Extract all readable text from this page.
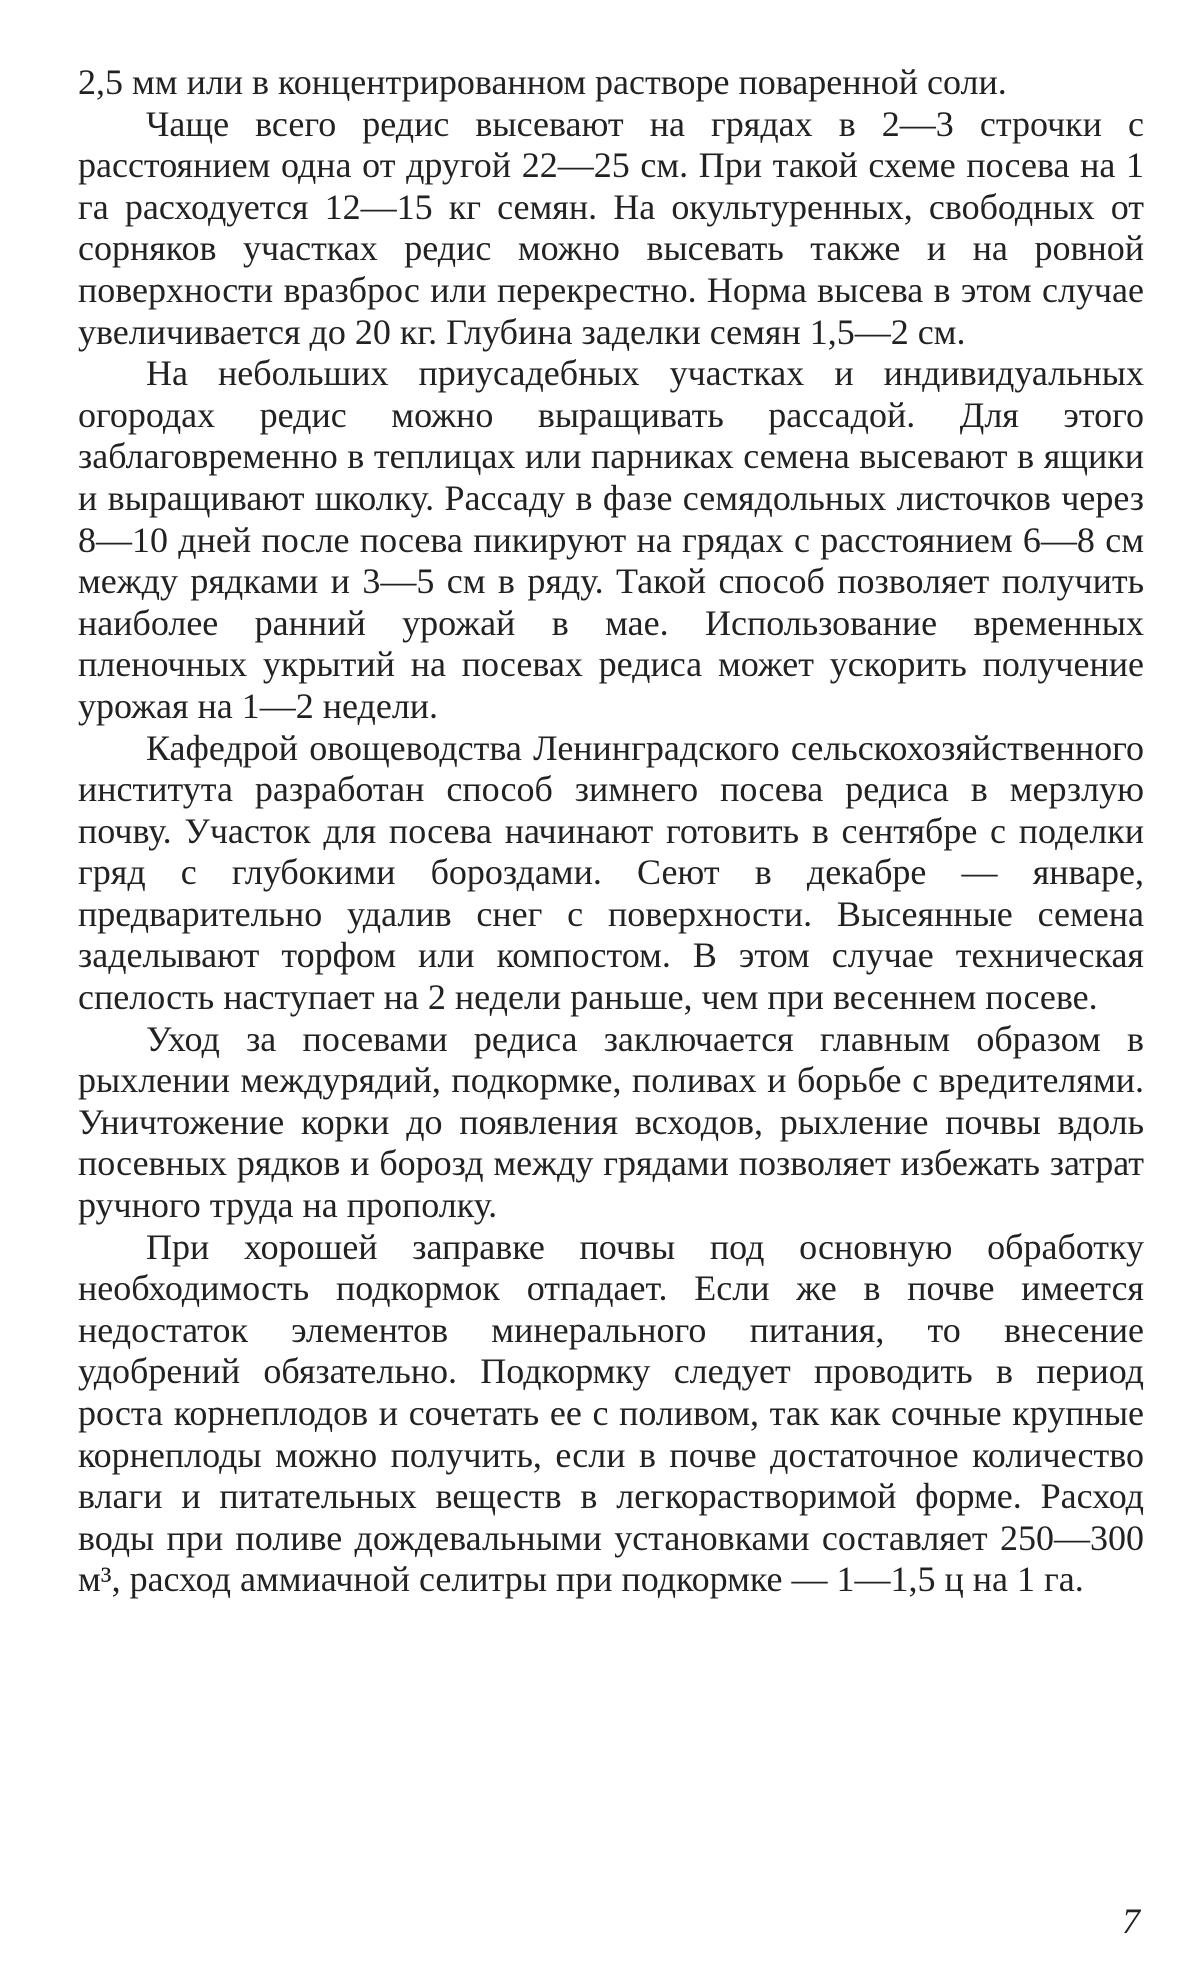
2,5 мм или в концентрированном растворе поваренной соли.

Чаще всего редис высевают на грядах в 2—3 строчки с расстоянием одна от другой 22—25 см. При такой схеме посева на 1 га расходуется 12—15 кг семян. На окультуренных, свободных от сорняков участках редис можно высевать также и на ровной поверхности вразброс или перекрестно. Норма высева в этом случае увеличивается до 20 кг. Глубина заделки семян 1,5—2 см.

На небольших приусадебных участках и индивидуальных огородах редис можно выращивать рассадой. Для этого заблаговременно в теплицах или парниках семена высевают в ящики и выращивают школку. Рассаду в фазе семядольных листочков через 8—10 дней после посева пикируют на грядах с расстоянием 6—8 см между рядками и 3—5 см в ряду. Такой способ позволяет получить наиболее ранний урожай в мае. Использование временных пленочных укрытий на посевах редиса может ускорить получение урожая на 1—2 недели.

Кафедрой овощеводства Ленинградского сельскохозяйственного института разработан способ зимнего посева редиса в мерзлую почву. Участок для посева начинают готовить в сентябре с поделки гряд с глубокими бороздами. Сеют в декабре — январе, предварительно удалив снег с поверхности. Высеянные семена заделывают торфом или компостом. В этом случае техническая спелость наступает на 2 недели раньше, чем при весеннем посеве.

Уход за посевами редиса заключается главным образом в рыхлении междурядий, подкормке, поливах и борьбе с вредителями. Уничтожение корки до появления всходов, рыхление почвы вдоль посевных рядков и борозд между грядами позволяет избежать затрат ручного труда на прополку.

При хорошей заправке почвы под основную обработку необходимость подкормок отпадает. Если же в почве имеется недостаток элементов минерального питания, то внесение удобрений обязательно. Подкормку следует проводить в период роста корнеплодов и сочетать ее с поливом, так как сочные крупные корнеплоды можно получить, если в почве достаточное количество влаги и питательных веществ в легкорастворимой форме. Расход воды при поливе дождевальными установками составляет 250—300 м³, расход аммиачной селитры при подкормке — 1—1,5 ц на 1 га.

7
